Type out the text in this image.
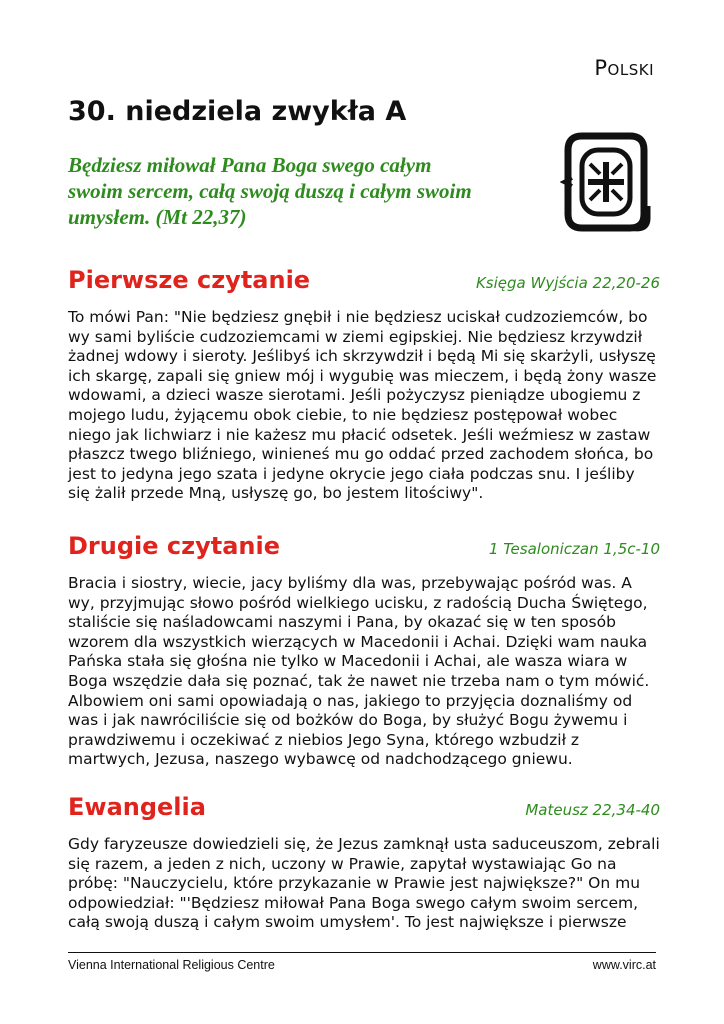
Polski
30. niedziela zwykła A

Będziesz miłował Pana Boga swego całym swoim sercem, całą swoją duszą i całym swoim umysłem. (Mt 22,37)

Pierwsze czytanie	Księga Wyjścia 22,20-26

To mówi Pan: "Nie będziesz gnębił i nie będziesz uciskał cudzoziemców, bo wy sami byliście cudzoziemcami w ziemi egipskiej. Nie będziesz krzywdził żadnej wdowy i sieroty. Jeślibyś ich skrzywdził i będą Mi się skarżyli, usłyszę ich skargę, zapali się gniew mój i wygubię was mieczem, i będą żony wasze wdowami, a dzieci wasze sierotami. Jeśli pożyczysz pieniądze ubogiemu z mojego ludu, żyjącemu obok ciebie, to nie będziesz postępował wobec niego jak lichwiarz i nie każesz mu płacić odsetek. Jeśli weźmiesz w zastaw płaszcz twego bliźniego, winieneś mu go oddać przed zachodem słońca, bo jest to jedyna jego szata i jedyne okrycie jego ciała podczas snu. I jeśliby się żalił przede Mną, usłyszę go, bo jestem litościwy".

Drugie czytanie	1 Tesaloniczan 1,5c-10

Bracia i siostry, wiecie, jacy byliśmy dla was, przebywając pośród was. A wy, przyjmując słowo pośród wielkiego ucisku, z radością Ducha Świętego, staliście się naśladowcami naszymi i Pana, by okazać się w ten sposób wzorem dla wszystkich wierzących w Macedonii i Achai. Dzięki wam nauka Pańska stała się głośna nie tylko w Macedonii i Achai, ale wasza wiara w Boga wszędzie dała się poznać, tak że nawet nie trzeba nam o tym mówić. Albowiem oni sami opowiadają o nas, jakiego to przyjęcia doznaliśmy od was i jak nawróciliście się od bożków do Boga, by służyć Bogu żywemu i prawdziwemu i oczekiwać z niebios Jego Syna, którego wzbudził z martwych, Jezusa, naszego wybawcę od nadchodzącego gniewu.

Ewangelia	Mateusz 22,34-40

Gdy faryzeusze dowiedzieli się, że Jezus zamknął usta saduceuszom, zebrali się razem, a jeden z nich, uczony w Prawie, zapytał wystawiając Go na próbę: "Nauczycielu, które przykazanie w Prawie jest największe?" On mu odpowiedział: "'Będziesz miłował Pana Boga swego całym swoim sercem, całą swoją duszą i całym swoim umysłem'. To jest największe i pierwsze

Vienna International Religious Centre	www.virc.at
